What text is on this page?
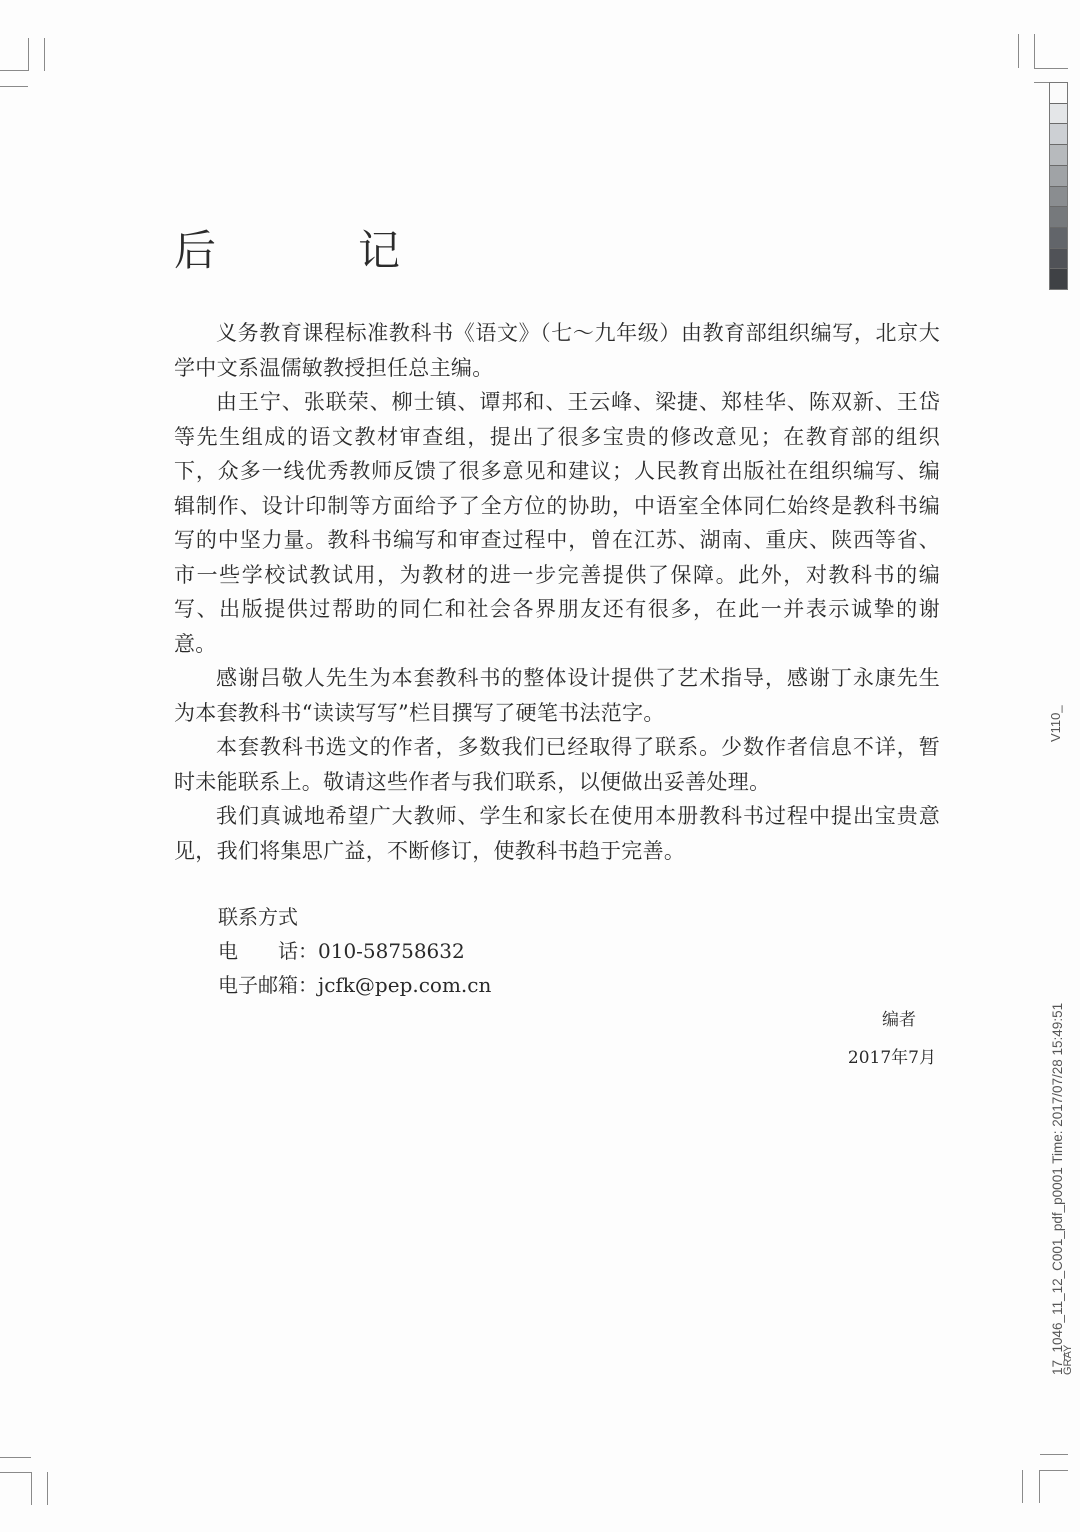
后　记

义务教育课程标准教科书《语文》（七～九年级）由教育部组织编写，北京大学中文系温儒敏教授担任总主编。

由王宁、张联荣、柳士镇、谭邦和、王云峰、梁捷、郑桂华、陈双新、王岱等先生组成的语文教材审查组，提出了很多宝贵的修改意见；在教育部的组织下，众多一线优秀教师反馈了很多意见和建议；人民教育出版社在组织编写、编辑制作、设计印制等方面给予了全方位的协助，中语室全体同仁始终是教科书编写的中坚力量。教科书编写和审查过程中，曾在江苏、湖南、重庆、陕西等省、市一些学校试教试用，为教材的进一步完善提供了保障。此外，对教科书的编写、出版提供过帮助的同仁和社会各界朋友还有很多，在此一并表示诚挚的谢意。

感谢吕敬人先生为本套教科书的整体设计提供了艺术指导，感谢丁永康先生为本套教科书“读读写写”栏目撰写了硬笔书法范字。

本套教科书选文的作者，多数我们已经取得了联系。少数作者信息不详，暂时未能联系上。敬请这些作者与我们联系，以便做出妥善处理。

我们真诚地希望广大教师、学生和家长在使用本册教科书过程中提出宝贵意见，我们将集思广益，不断修订，使教科书趋于完善。

联系方式
电　　话：010-58758632
电子邮箱：jcfk@pep.com.cn
编者
2017年7月
V110_
17_1046_11_12_C001_pdf_p0001 Time: 2017/07/28 15:49:51
GRAY
